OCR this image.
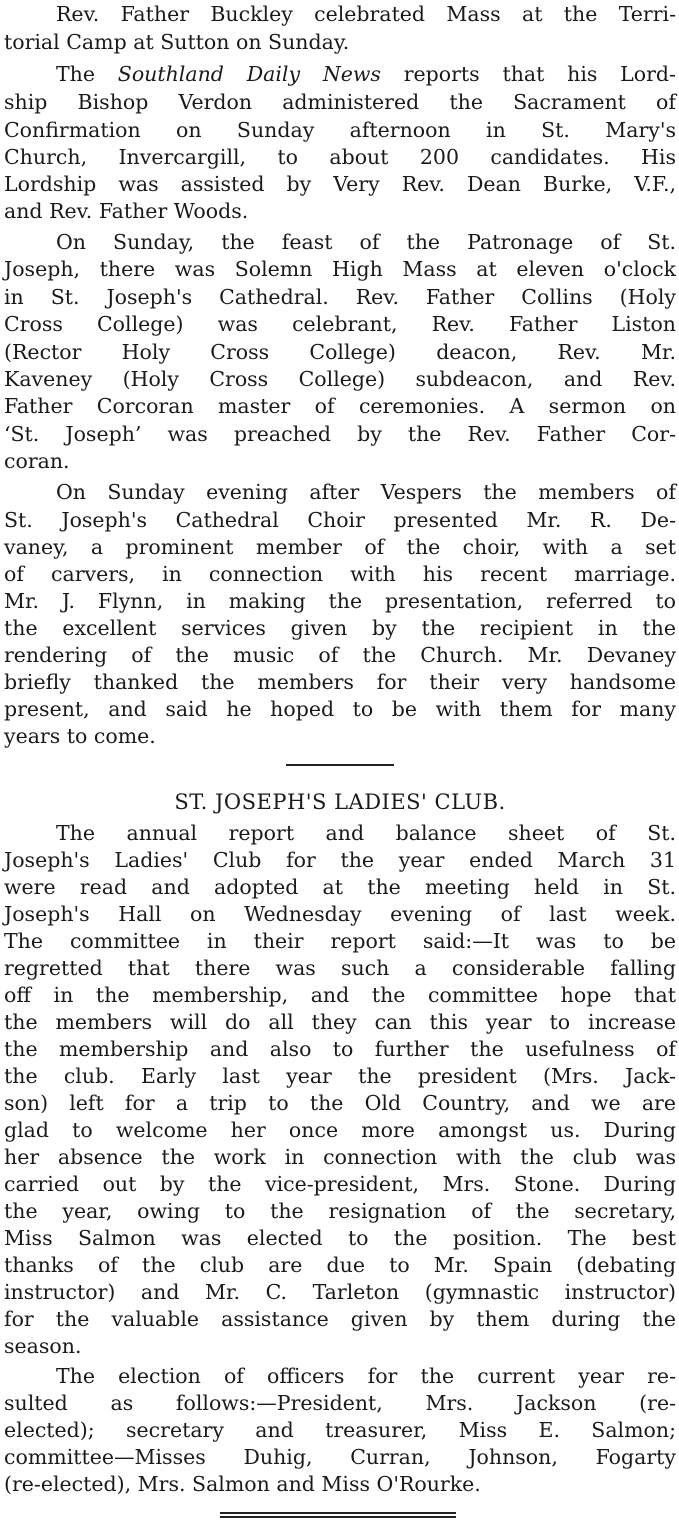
Rev. Father Buckley celebrated Mass at the Terri-
torial Camp at Sutton on Sunday.
The Southland Daily News reports that his Lord-
ship Bishop Verdon administered the Sacrament of
Confirmation on Sunday afternoon in St. Mary's
Church, Invercargill, to about 200 candidates. His
Lordship was assisted by Very Rev. Dean Burke, V.F.,
and Rev. Father Woods.
On Sunday, the feast of the Patronage of St.
Joseph, there was Solemn High Mass at eleven o'clock
in St. Joseph's Cathedral. Rev. Father Collins (Holy
Cross College) was celebrant, Rev. Father Liston
(Rector Holy Cross College) deacon, Rev. Mr.
Kaveney (Holy Cross College) subdeacon, and Rev.
Father Corcoran master of ceremonies. A sermon on
‘St. Joseph’ was preached by the Rev. Father Cor-
coran.
On Sunday evening after Vespers the members of
St. Joseph's Cathedral Choir presented Mr. R. De-
vaney, a prominent member of the choir, with a set
of carvers, in connection with his recent marriage.
Mr. J. Flynn, in making the presentation, referred to
the excellent services given by the recipient in the
rendering of the music of the Church. Mr. Devaney
briefly thanked the members for their very handsome
present, and said he hoped to be with them for many
years to come.
ST. JOSEPH'S LADIES' CLUB.
The annual report and balance sheet of St.
Joseph's Ladies' Club for the year ended March 31
were read and adopted at the meeting held in St.
Joseph's Hall on Wednesday evening of last week.
The committee in their report said:—It was to be
regretted that there was such a considerable falling
off in the membership, and the committee hope that
the members will do all they can this year to increase
the membership and also to further the usefulness of
the club. Early last year the president (Mrs. Jack-
son) left for a trip to the Old Country, and we are
glad to welcome her once more amongst us. During
her absence the work in connection with the club was
carried out by the vice-president, Mrs. Stone. During
the year, owing to the resignation of the secretary,
Miss Salmon was elected to the position. The best
thanks of the club are due to Mr. Spain (debating
instructor) and Mr. C. Tarleton (gymnastic instructor)
for the valuable assistance given by them during the
season.
The election of officers for the current year re-
sulted as follows:—President, Mrs. Jackson (re-
elected); secretary and treasurer, Miss E. Salmon;
committee—Misses Duhig, Curran, Johnson, Fogarty
(re-elected), Mrs. Salmon and Miss O'Rourke.
